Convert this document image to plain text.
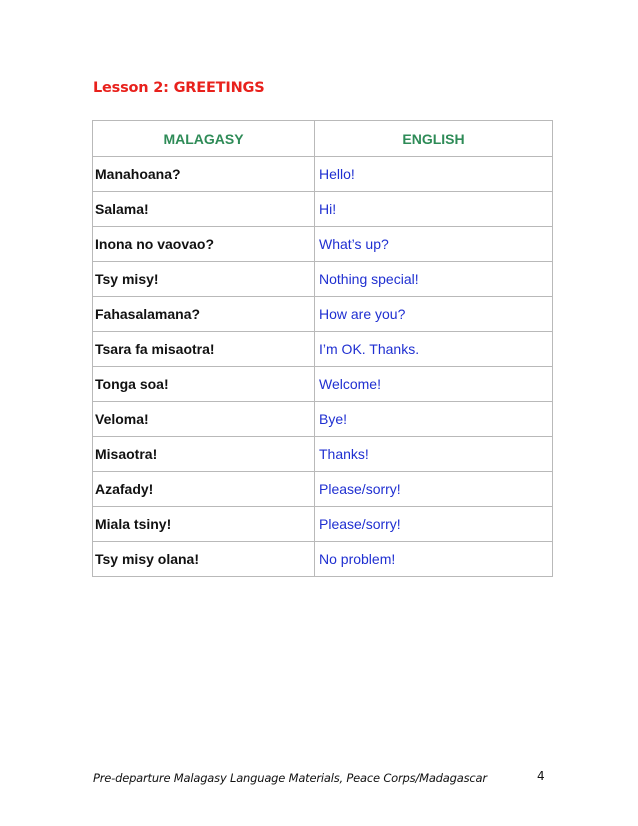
Lesson 2: GREETINGS
MALAGASY	ENGLISH
Manahoana?	Hello!
Salama!	Hi!
Inona no vaovao?	What’s up?
Tsy misy!	Nothing special!
Fahasalamana?	How are you?
Tsara fa misaotra!	I’m OK. Thanks.
Tonga soa!	Welcome!
Veloma!	Bye!
Misaotra!	Thanks!
Azafady!	Please/sorry!
Miala tsiny!	Please/sorry!
Tsy misy olana!	No problem!
Pre-departure Malagasy Language Materials, Peace Corps/Madagascar	4
